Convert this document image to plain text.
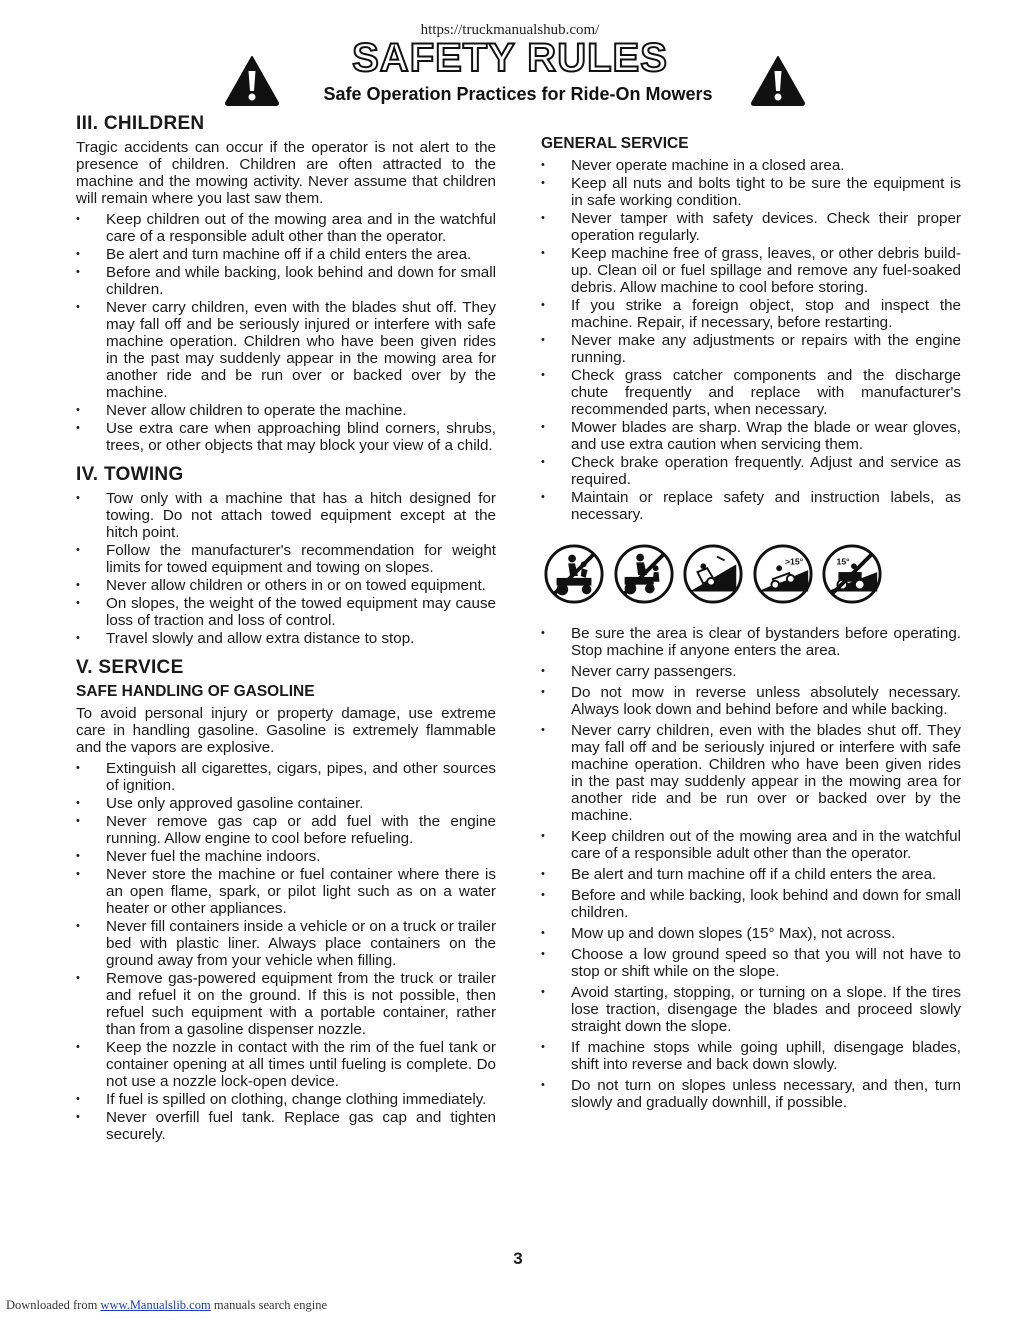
https://truckmanualshub.com/
SAFETY RULES
Safe Operation Practices for Ride-On Mowers
III. CHILDREN

Tragic accidents can occur if the operator is not alert to the presence of children. Children are often attracted to the machine and the mowing activity. Never assume that children will remain where you last saw them.

• Keep children out of the mowing area and in the watchful care of a responsible adult other than the operator.
• Be alert and turn machine off if a child enters the area.
• Before and while backing, look behind and down for small children.
• Never carry children, even with the blades shut off. They may fall off and be seriously injured or interfere with safe machine operation. Children who have been given rides in the past may suddenly appear in the mowing area for another ride and be run over or backed over by the machine.
• Never allow children to operate the machine.
• Use extra care when approaching blind corners, shrubs, trees, or other objects that may block your view of a child.
IV. TOWING
• Tow only with a machine that has a hitch designed for towing. Do not attach towed equipment except at the hitch point.
• Follow the manufacturer's recommendation for weight limits for towed equipment and towing on slopes.
• Never allow children or others in or on towed equipment.
• On slopes, the weight of the towed equipment may cause loss of traction and loss of control.
• Travel slowly and allow extra distance to stop.
V. SERVICE
SAFE HANDLING OF GASOLINE

To avoid personal injury or property damage, use extreme care in handling gasoline. Gasoline is extremely flammable and the vapors are explosive.

• Extinguish all cigarettes, cigars, pipes, and other sources of ignition.
• Use only approved gasoline container.
• Never remove gas cap or add fuel with the engine running. Allow engine to cool before refueling.
• Never fuel the machine indoors.
• Never store the machine or fuel container where there is an open flame, spark, or pilot light such as on a water heater or other appliances.
• Never fill containers inside a vehicle or on a truck or trailer bed with plastic liner. Always place containers on the ground away from your vehicle when filling.
• Remove gas-powered equipment from the truck or trailer and refuel it on the ground. If this is not possible, then refuel such equipment with a portable container, rather than from a gasoline dispenser nozzle.
• Keep the nozzle in contact with the rim of the fuel tank or container opening at all times until fueling is complete. Do not use a nozzle lock-open device.
• If fuel is spilled on clothing, change clothing immediately.
• Never overfill fuel tank. Replace gas cap and tighten securely.
GENERAL SERVICE
• Never operate machine in a closed area.
• Keep all nuts and bolts tight to be sure the equipment is in safe working condition.
• Never tamper with safety devices. Check their proper operation regularly.
• Keep machine free of grass, leaves, or other debris build-up. Clean oil or fuel spillage and remove any fuel-soaked debris. Allow machine to cool before storing.
• If you strike a foreign object, stop and inspect the machine. Repair, if necessary, before restarting.
• Never make any adjustments or repairs with the engine running.
• Check grass catcher components and the discharge chute frequently and replace with manufacturer's recommended parts, when necessary.
• Mower blades are sharp. Wrap the blade or wear gloves, and use extra caution when servicing them.
• Check brake operation frequently. Adjust and service as required.
• Maintain or replace safety and instruction labels, as necessary.
>15°	15°
• Be sure the area is clear of bystanders before operating. Stop machine if anyone enters the area.
• Never carry passengers.
• Do not mow in reverse unless absolutely necessary. Always look down and behind before and while backing.
• Never carry children, even with the blades shut off. They may fall off and be seriously injured or interfere with safe machine operation. Children who have been given rides in the past may suddenly appear in the mowing area for another ride and be run over or backed over by the machine.
• Keep children out of the mowing area and in the watchful care of a responsible adult other than the operator.
• Be alert and turn machine off if a child enters the area.
• Before and while backing, look behind and down for small children.
• Mow up and down slopes (15° Max), not across.
• Choose a low ground speed so that you will not have to stop or shift while on the slope.
• Avoid starting, stopping, or turning on a slope. If the tires lose traction, disengage the blades and proceed slowly straight down the slope.
• If machine stops while going uphill, disengage blades, shift into reverse and back down slowly.
• Do not turn on slopes unless necessary, and then, turn slowly and gradually downhill, if possible.
3
Downloaded from www.Manualslib.com manuals search engine
